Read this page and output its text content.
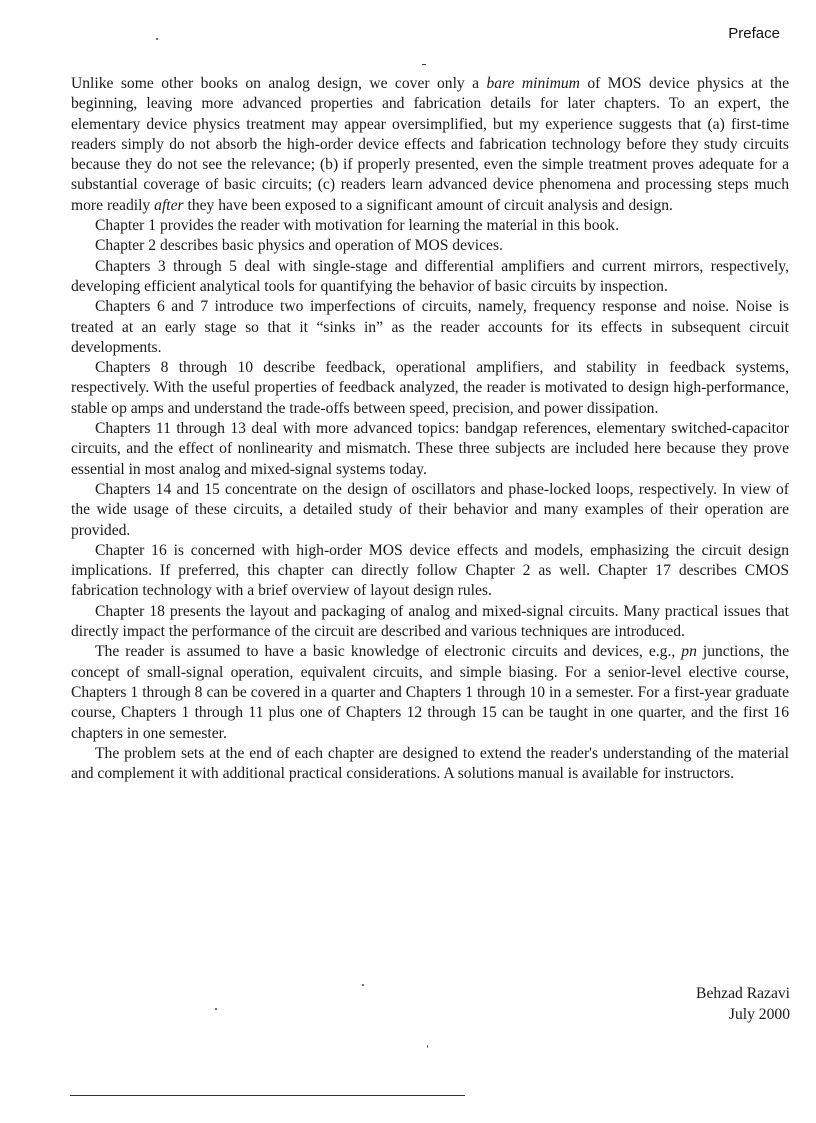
Preface

Unlike some other books on analog design, we cover only a bare minimum of MOS device physics at the beginning, leaving more advanced properties and fabrication details for later chapters. To an expert, the elementary device physics treatment may appear oversimplified, but my experience suggests that (a) first-time readers simply do not absorb the high-order device effects and fabrication technology before they study circuits because they do not see the relevance; (b) if properly presented, even the simple treatment proves adequate for a substantial coverage of basic circuits; (c) readers learn advanced device phenomena and processing steps much more readily after they have been exposed to a significant amount of circuit analysis and design.

Chapter 1 provides the reader with motivation for learning the material in this book.

Chapter 2 describes basic physics and operation of MOS devices.

Chapters 3 through 5 deal with single-stage and differential amplifiers and current mirrors, respectively, developing efficient analytical tools for quantifying the behavior of basic circuits by inspection.

Chapters 6 and 7 introduce two imperfections of circuits, namely, frequency response and noise. Noise is treated at an early stage so that it “sinks in” as the reader accounts for its effects in subsequent circuit developments.

Chapters 8 through 10 describe feedback, operational amplifiers, and stability in feedback systems, respectively. With the useful properties of feedback analyzed, the reader is motivated to design high-performance, stable op amps and understand the trade-offs between speed, precision, and power dissipation.

Chapters 11 through 13 deal with more advanced topics: bandgap references, elementary switched-capacitor circuits, and the effect of nonlinearity and mismatch. These three subjects are included here because they prove essential in most analog and mixed-signal systems today.

Chapters 14 and 15 concentrate on the design of oscillators and phase-locked loops, respectively. In view of the wide usage of these circuits, a detailed study of their behavior and many examples of their operation are provided.

Chapter 16 is concerned with high-order MOS device effects and models, emphasizing the circuit design implications. If preferred, this chapter can directly follow Chapter 2 as well. Chapter 17 describes CMOS fabrication technology with a brief overview of layout design rules.

Chapter 18 presents the layout and packaging of analog and mixed-signal circuits. Many practical issues that directly impact the performance of the circuit are described and various techniques are introduced.

The reader is assumed to have a basic knowledge of electronic circuits and devices, e.g., pn junctions, the concept of small-signal operation, equivalent circuits, and simple biasing. For a senior-level elective course, Chapters 1 through 8 can be covered in a quarter and Chapters 1 through 10 in a semester. For a first-year graduate course, Chapters 1 through 11 plus one of Chapters 12 through 15 can be taught in one quarter, and the first 16 chapters in one semester.

The problem sets at the end of each chapter are designed to extend the reader's understanding of the material and complement it with additional practical considerations. A solutions manual is available for instructors.

Behzad Razavi
July 2000
